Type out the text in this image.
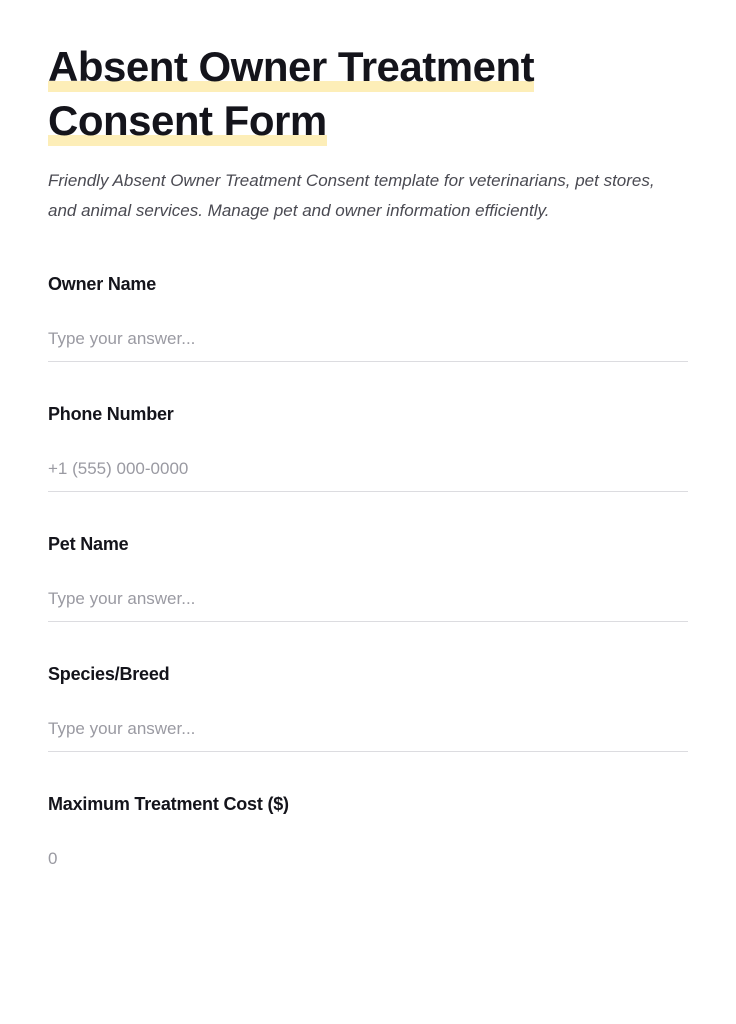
Absent Owner Treatment
Consent Form

Friendly Absent Owner Treatment Consent template for veterinarians, pet stores, and animal services. Manage pet and owner information efficiently.

Owner Name
Type your answer...
Phone Number
+1 (555) 000-0000
Pet Name
Type your answer...
Species/Breed
Type your answer...
Maximum Treatment Cost ($)
0
